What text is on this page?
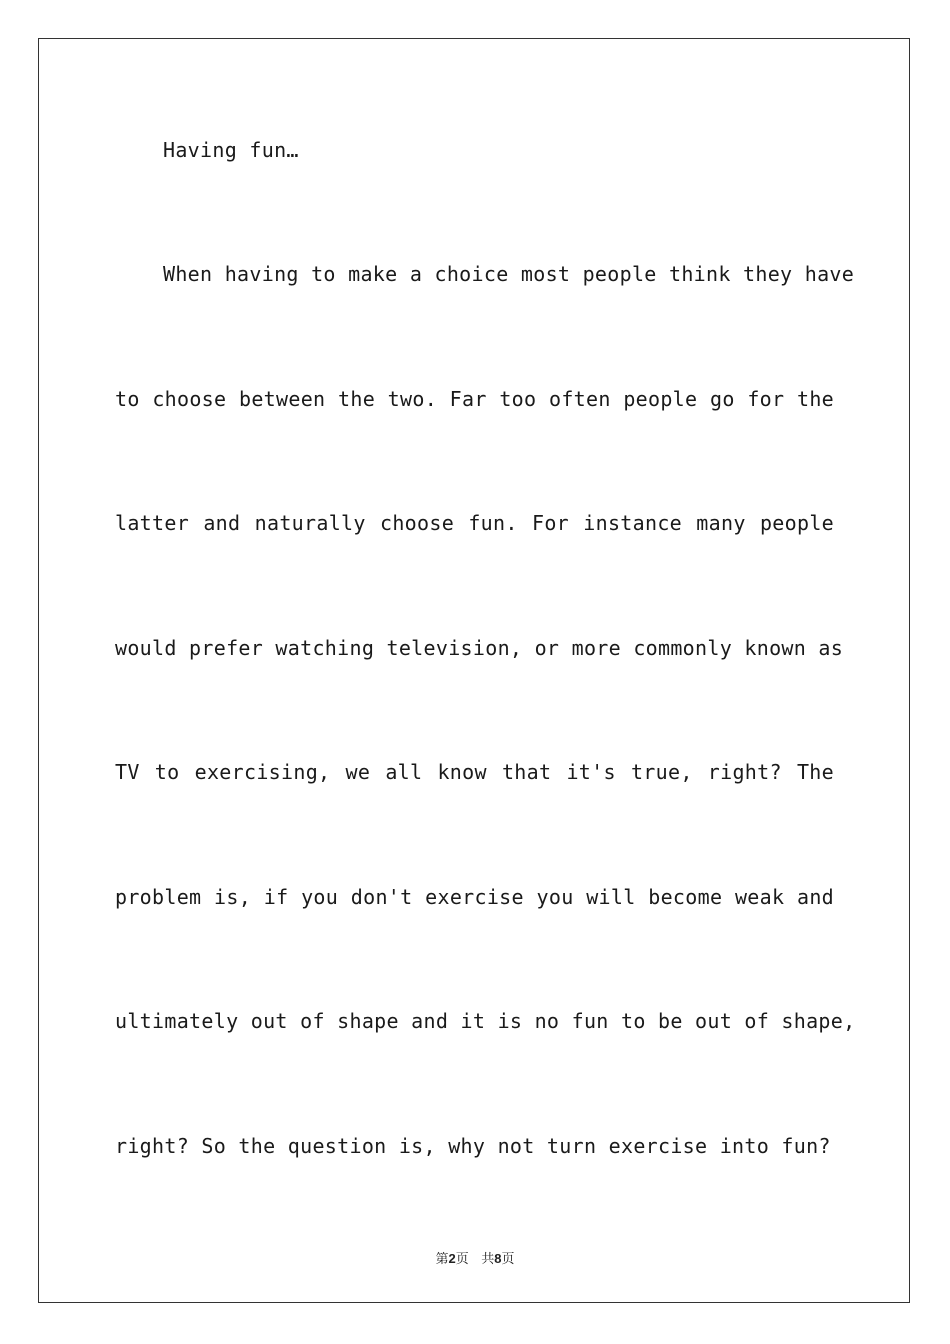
Having fun…
When having to make a choice most people think they have
to choose between the two. Far too often people go for the
latter and naturally choose fun. For instance many people
would prefer watching television, or more commonly known as
TV to exercising, we all know that it's true, right? The
problem is, if you don't exercise you will become weak and
ultimately out of shape and it is no fun to be out of shape,
right? So the question is, why not turn exercise into fun?
第2页 共8页
